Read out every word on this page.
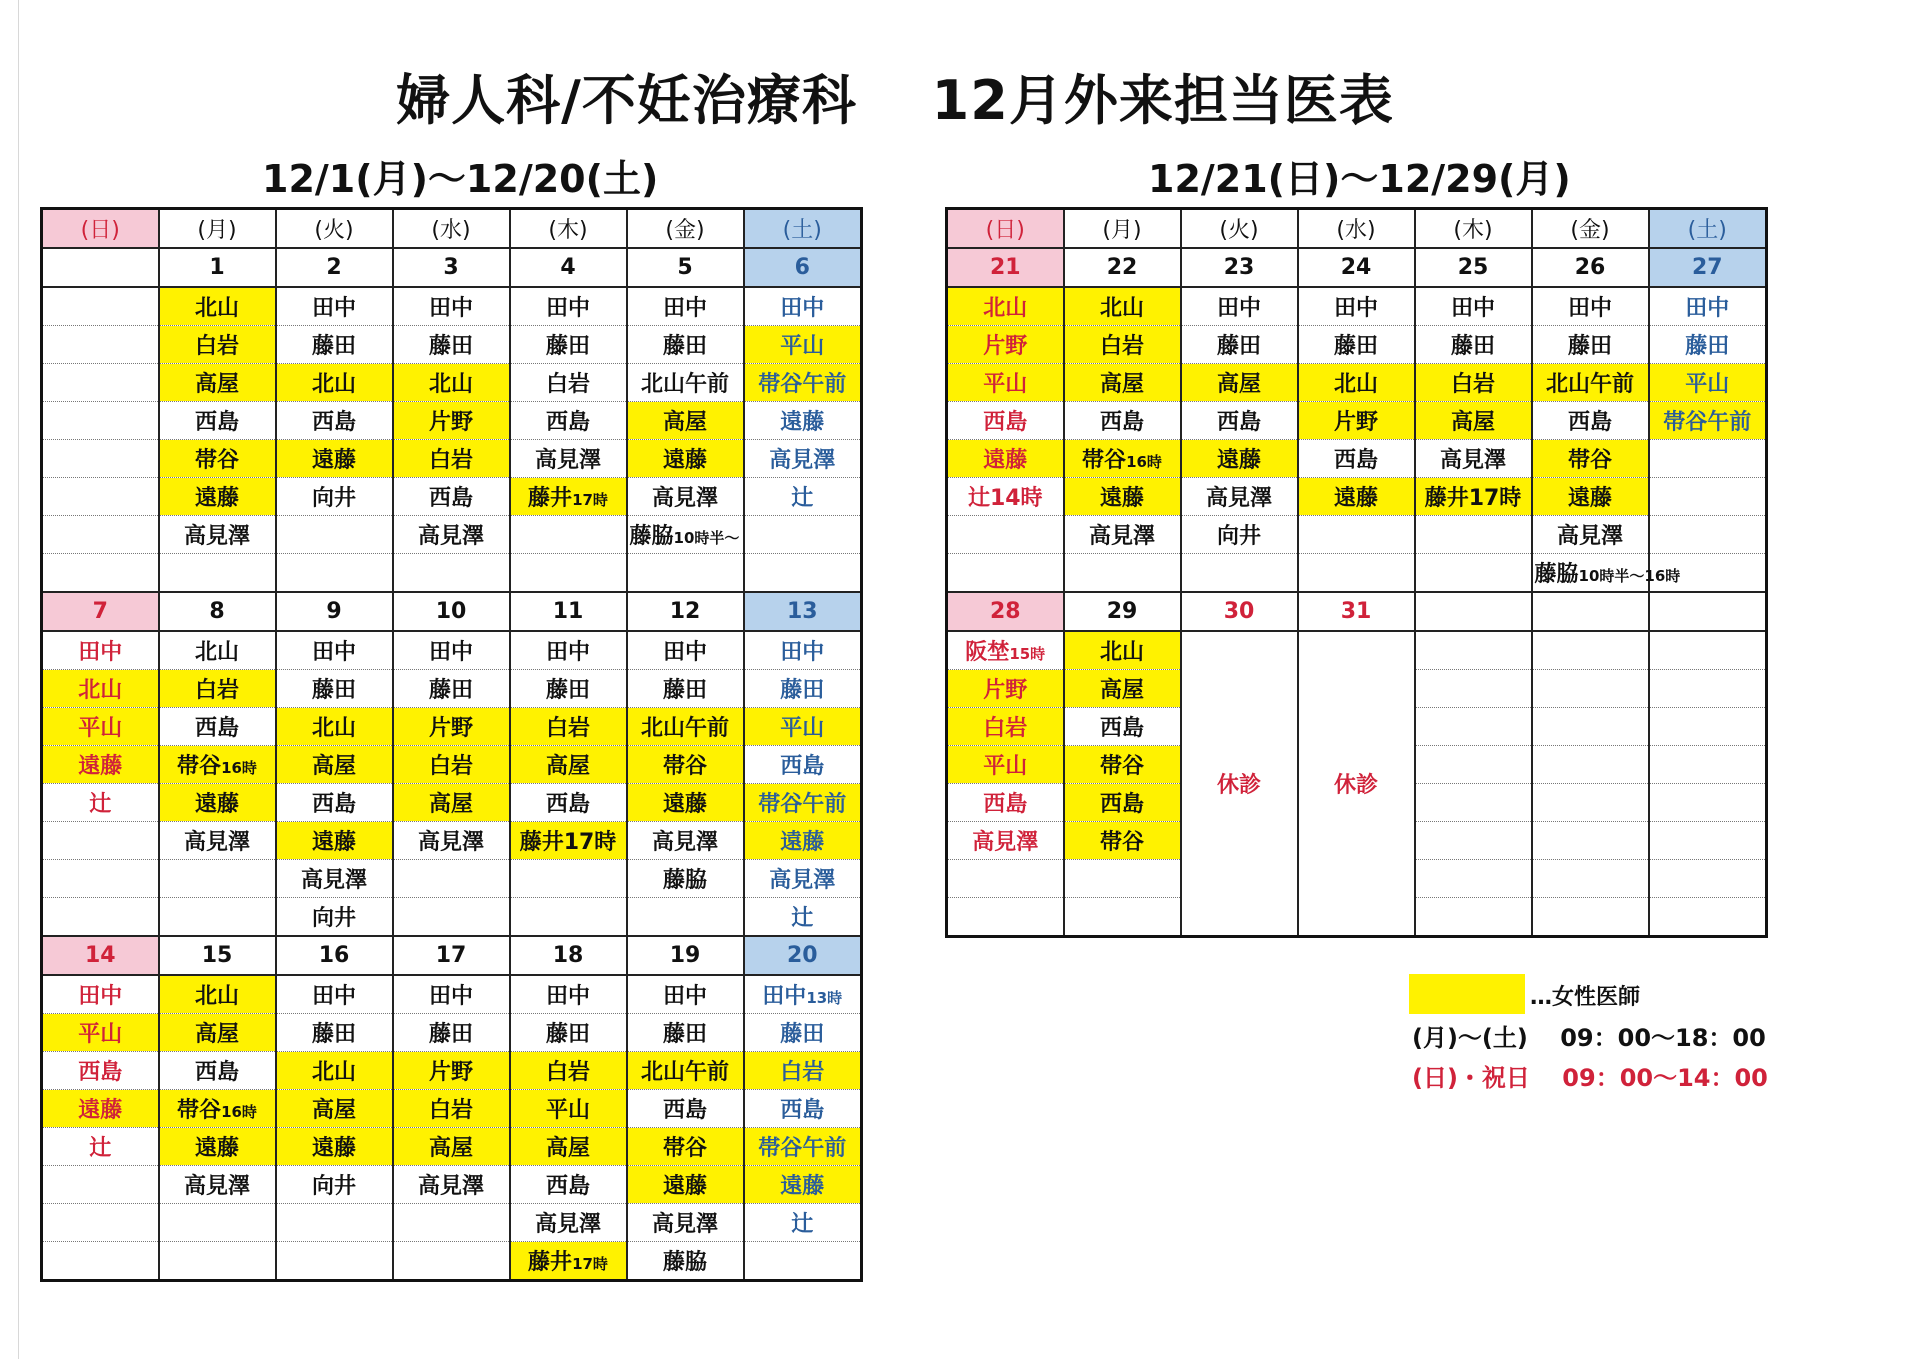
婦人科/不妊治療科　 12月外来担当医表
12/1(月)～12/20(土)	12/21(日)～12/29(月)
(日)	(月)	(火)	(水)	(木)	(金)	(土)
	1	2	3	4	5	6
	北山	田中	田中	田中	田中	田中
	白岩	藤田	藤田	藤田	藤田	平山
	高屋	北山	北山	白岩	北山午前	帯谷午前
	西島	西島	片野	西島	高屋	遠藤
	帯谷	遠藤	白岩	高見澤	遠藤	高見澤
	遠藤	向井	西島	藤井17時	高見澤	辻
	高見澤		高見澤		藤脇10時半～	

7	8	9	10	11	12	13
田中	北山	田中	田中	田中	田中	田中
北山	白岩	藤田	藤田	藤田	藤田	藤田
平山	西島	北山	片野	白岩	北山午前	平山
遠藤	帯谷16時	高屋	白岩	高屋	帯谷	西島
辻	遠藤	西島	高屋	西島	遠藤	帯谷午前
	高見澤	遠藤	高見澤	藤井17時	高見澤	遠藤
		高見澤			藤脇	高見澤
		向井				辻
14	15	16	17	18	19	20
田中	北山	田中	田中	田中	田中	田中13時
平山	高屋	藤田	藤田	藤田	藤田	藤田
西島	西島	北山	片野	白岩	北山午前	白岩
遠藤	帯谷16時	高屋	白岩	平山	西島	西島
辻	遠藤	遠藤	高屋	高屋	帯谷	帯谷午前
	高見澤	向井	高見澤	西島	遠藤	遠藤
				高見澤	高見澤	辻
				藤井17時	藤脇	
(日)	(月)	(火)	(水)	(木)	(金)	(土)
21	22	23	24	25	26	27
北山	北山	田中	田中	田中	田中	田中
片野	白岩	藤田	藤田	藤田	藤田	藤田
平山	高屋	高屋	北山	白岩	北山午前	平山
西島	西島	西島	片野	高屋	西島	帯谷午前
遠藤	帯谷16時	遠藤	西島	高見澤	帯谷	
辻14時	遠藤	高見澤	遠藤	藤井17時	遠藤	
	高見澤	向井			高見澤	
					藤脇10時半～16時	
28	29	30	31			
阪埜15時	北山	休診	休診			
片野	高屋					
白岩	西島					
平山	帯谷					
西島	西島					
高見澤	帯谷					

…女性医師
(月)～(土)　 09：00～18：00
(日)・祝日　 09：00～14：00
